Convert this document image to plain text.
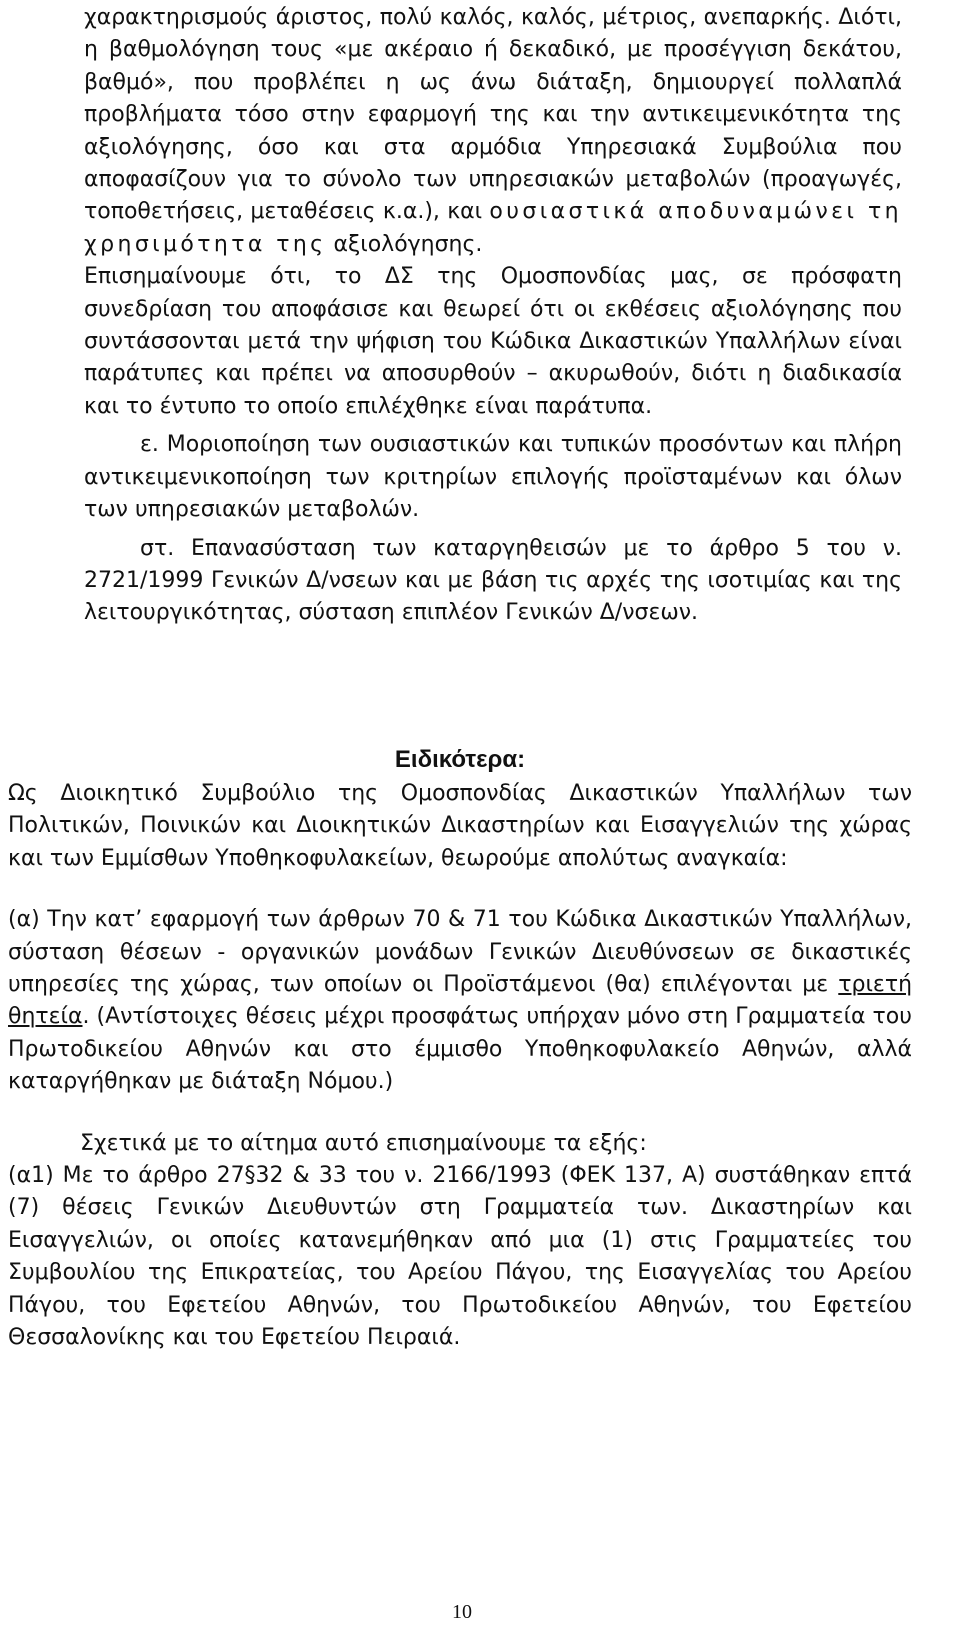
χαρακτηρισμούς άριστος, πολύ καλός, καλός, μέτριος, ανεπαρκής. Διότι, η βαθμολόγηση τους «με ακέραιο ή δεκαδικό, με προσέγγιση δεκάτου, βαθμό», που προβλέπει η ως άνω διάταξη, δημιουργεί πολλαπλά προβλήματα τόσο στην εφαρμογή της και την αντικειμενικότητα της αξιολόγησης, όσο και στα αρμόδια Υπηρεσιακά Συμβούλια που αποφασίζουν για το σύνολο των υπηρεσιακών μεταβολών (προαγωγές, τοποθετήσεις, μεταθέσεις κ.α.), και ουσιαστικά αποδυναμώνει τη χρησιμότητα της αξιολόγησης.

Επισημαίνουμε ότι, το ΔΣ της Ομοσπονδίας μας, σε πρόσφατη συνεδρίαση του αποφάσισε και θεωρεί ότι οι εκθέσεις αξιολόγησης που συντάσσονται μετά την ψήφιση του Κώδικα Δικαστικών Υπαλλήλων είναι παράτυπες και πρέπει να αποσυρθούν – ακυρωθούν, διότι η διαδικασία και το έντυπο το οποίο επιλέχθηκε είναι παράτυπα.

ε. Μοριοποίηση των ουσιαστικών και τυπικών προσόντων και πλήρη αντικειμενικοποίηση των κριτηρίων επιλογής προϊσταμένων και όλων των υπηρεσιακών μεταβολών.

στ. Επανασύσταση των καταργηθεισών με το άρθρο 5 του ν. 2721/1999 Γενικών Δ/νσεων και με βάση τις αρχές της ισοτιμίας και της λειτουργικότητας, σύσταση επιπλέον Γενικών Δ/νσεων.

Ειδικότερα:

Ως Διοικητικό Συμβούλιο της Ομοσπονδίας Δικαστικών Υπαλλήλων των Πολιτικών, Ποινικών και Διοικητικών Δικαστηρίων και Εισαγγελιών της χώρας και των Εμμίσθων Υποθηκοφυλακείων, θεωρούμε απολύτως αναγκαία:

(α) Την κατ’ εφαρμογή των άρθρων 70 & 71 του Κώδικα Δικαστικών Υπαλλήλων, σύσταση θέσεων - οργανικών μονάδων Γενικών Διευθύνσεων σε δικαστικές υπηρεσίες της χώρας, των οποίων οι Προϊστάμενοι (θα) επιλέγονται με τριετή θητεία. (Αντίστοιχες θέσεις μέχρι προσφάτως υπήρχαν μόνο στη Γραμματεία του Πρωτοδικείου Αθηνών και στο έμμισθο Υποθηκοφυλακείο Αθηνών, αλλά καταργήθηκαν με διάταξη Νόμου.)

Σχετικά με το αίτημα αυτό επισημαίνουμε τα εξής:

(α1) Με το άρθρο 27§32 & 33 του ν. 2166/1993 (ΦΕΚ 137, Α) συστάθηκαν επτά (7) θέσεις Γενικών Διευθυντών στη Γραμματεία των. Δικαστηρίων και Εισαγγελιών, οι οποίες κατανεμήθηκαν από μια (1) στις Γραμματείες του Συμβουλίου της Επικρατείας, του Αρείου Πάγου, της Εισαγγελίας του Αρείου Πάγου, του Εφετείου Αθηνών, του Πρωτοδικείου Αθηνών, του Εφετείου Θεσσαλονίκης και του Εφετείου Πειραιά.

10
